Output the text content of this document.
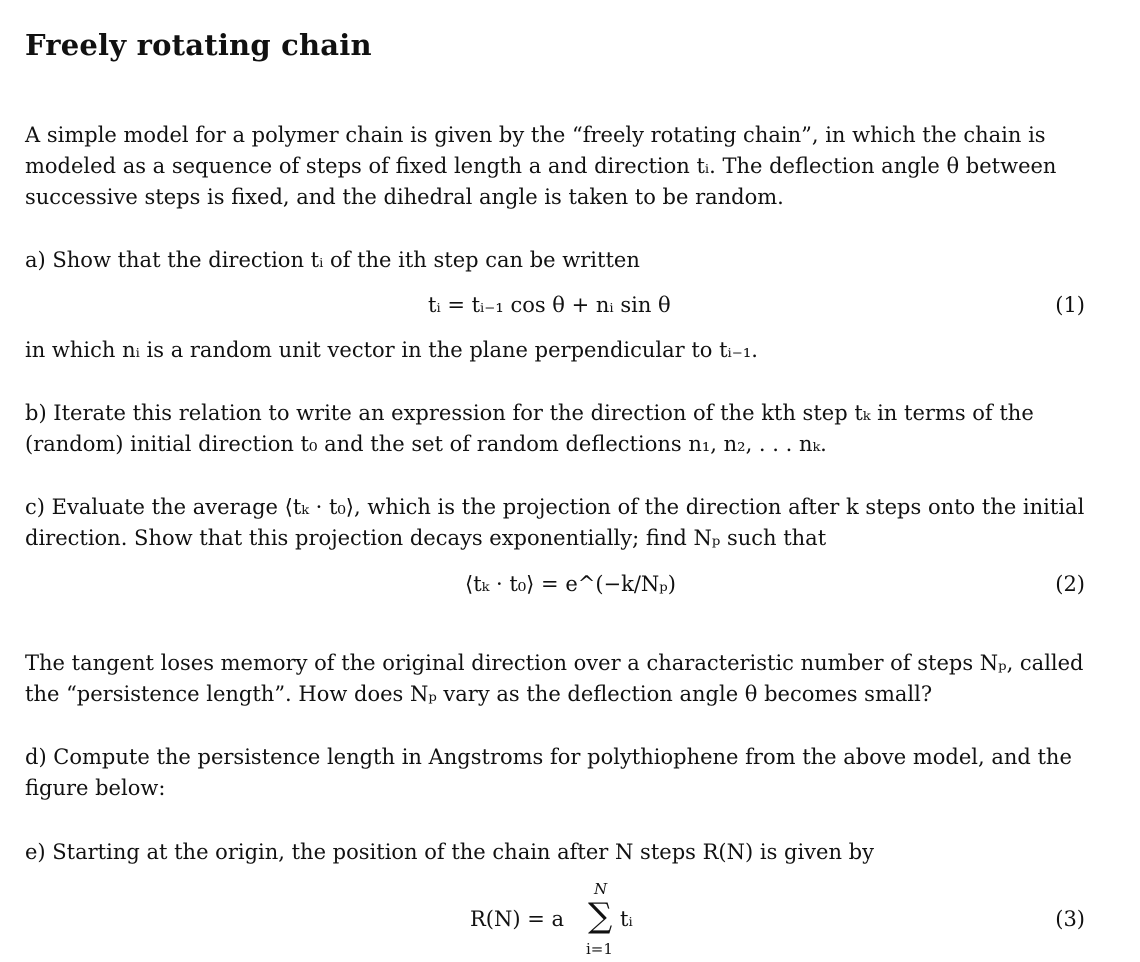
Freely rotating chain
A simple model for a polymer chain is given by the “freely rotating chain”, in which the chain is
modeled as a sequence of steps of fixed length a and direction tᵢ. The deflection angle θ between
successive steps is fixed, and the dihedral angle is taken to be random.
a) Show that the direction tᵢ of the ith step can be written
tᵢ = tᵢ₋₁ cos θ + nᵢ sin θ	(1)
in which nᵢ is a random unit vector in the plane perpendicular to tᵢ₋₁.
b) Iterate this relation to write an expression for the direction of the kth step tₖ in terms of the
(random) initial direction t₀ and the set of random deflections n₁, n₂, . . . nₖ.
c) Evaluate the average ⟨tₖ · t₀⟩, which is the projection of the direction after k steps onto the initial
direction. Show that this projection decays exponentially; find Nₚ such that
⟨tₖ · t₀⟩ = e^(−k/Nₚ)	(2)
The tangent loses memory of the original direction over a characteristic number of steps Nₚ, called
the “persistence length”. How does Nₚ vary as the deflection angle θ becomes small?
d) Compute the persistence length in Angstroms for polythiophene from the above model, and the
figure below:
e) Starting at the origin, the position of the chain after N steps R(N) is given by
R(N) = a
N
∑
i=1
tᵢ	(3)
